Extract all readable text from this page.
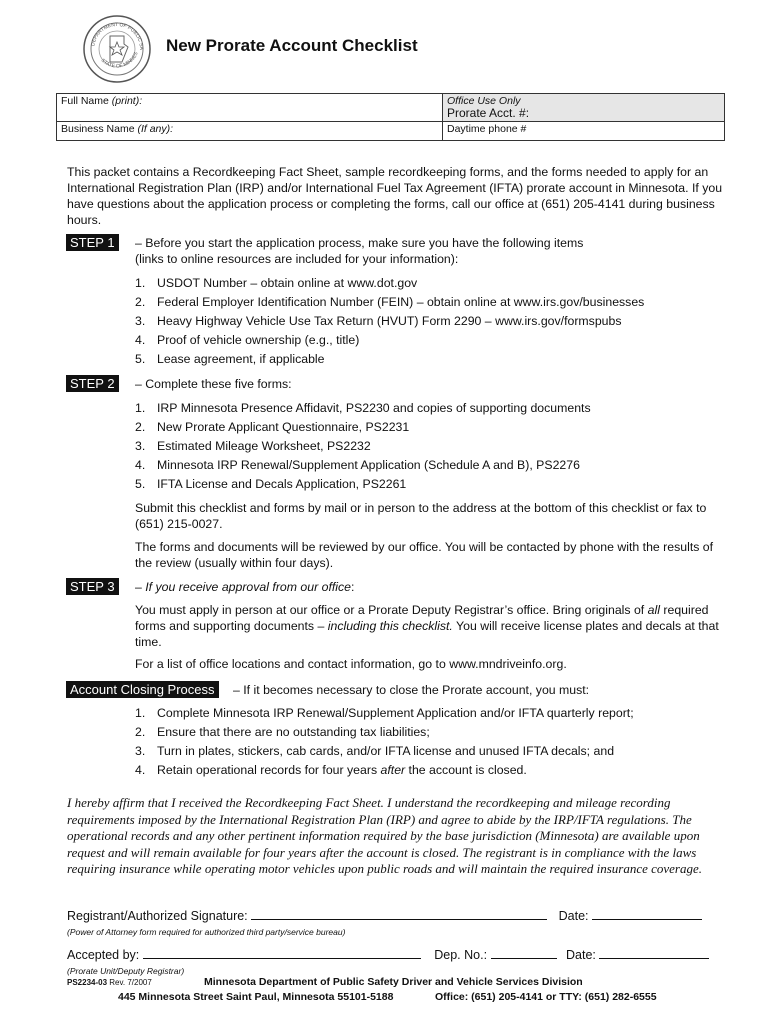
DEPARTMENT OF PUBLIC SA
STATE OF MINNES New Prorate Account Checklist
Full Name (print):	Office Use Only
Prorate Acct. #:
Business Name (If any):	Daytime phone #
This packet contains a Recordkeeping Fact Sheet, sample recordkeeping forms, and the forms needed to apply for an International Registration Plan (IRP) and/or International Fuel Tax Agreement (IFTA) prorate account in Minnesota. If you have questions about the application process or completing the forms, call our office at (651) 205-4141 during business hours.
STEP 1	– Before you start the application process, make sure you have the following items
(links to online resources are included for your information):
1. USDOT Number – obtain online at www.dot.gov
2. Federal Employer Identification Number (FEIN) – obtain online at www.irs.gov/businesses
3. Heavy Highway Vehicle Use Tax Return (HVUT) Form 2290 – www.irs.gov/formspubs
4. Proof of vehicle ownership (e.g., title)
5. Lease agreement, if applicable
STEP 2	– Complete these five forms:
1. IRP Minnesota Presence Affidavit, PS2230 and copies of supporting documents
2. New Prorate Applicant Questionnaire, PS2231
3. Estimated Mileage Worksheet, PS2232
4. Minnesota IRP Renewal/Supplement Application (Schedule A and B), PS2276
5. IFTA License and Decals Application, PS2261
Submit this checklist and forms by mail or in person to the address at the bottom of this checklist or fax to (651) 215-0027.
The forms and documents will be reviewed by our office. You will be contacted by phone with the results of the review (usually within four days).
STEP 3	– If you receive approval from our office:
You must apply in person at our office or a Prorate Deputy Registrar’s office. Bring originals of all required forms and supporting documents – including this checklist. You will receive license plates and decals at that time.
For a list of office locations and contact information, go to www.mndriveinfo.org.
Account Closing Process	– If it becomes necessary to close the Prorate account, you must:
1. Complete Minnesota IRP Renewal/Supplement Application and/or IFTA quarterly report;
2. Ensure that there are no outstanding tax liabilities;
3. Turn in plates, stickers, cab cards, and/or IFTA license and unused IFTA decals; and
4. Retain operational records for four years after the account is closed.
I hereby affirm that I received the Recordkeeping Fact Sheet. I understand the recordkeeping and mileage recording requirements imposed by the International Registration Plan (IRP) and agree to abide by the IRP/IFTA regulations. The operational records and any other pertinent information required by the base jurisdiction (Minnesota) are available upon request and will remain available for four years after the account is closed. The registrant is in compliance with the laws requiring insurance while operating motor vehicles upon public roads and will maintain the required insurance coverage.
Registrant/Authorized Signature:	Date:
(Power of Attorney form required for authorized third party/service bureau)
Accepted by:	Dep. No.:	Date:
(Prorate Unit/Deputy Registrar)
PS2234-03 Rev. 7/2007	Minnesota Department of Public Safety Driver and Vehicle Services Division
445 Minnesota Street Saint Paul, Minnesota 55101-5188	Office: (651) 205-4141 or TTY: (651) 282-6555
